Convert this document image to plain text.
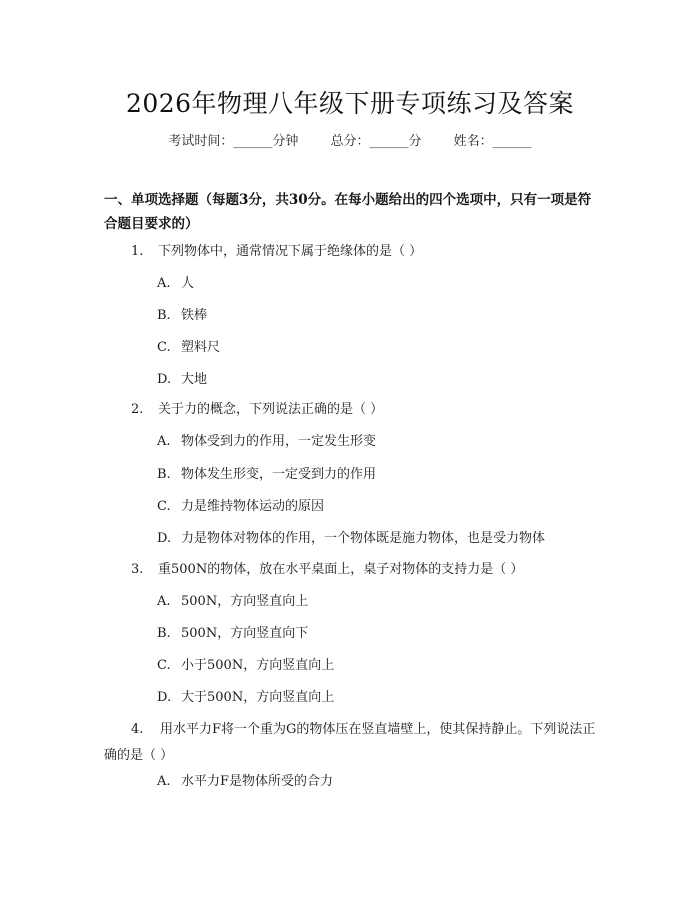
2026年物理八年级下册专项练习及答案
考试时间：______分钟 总分：______分 姓名：______
一、单项选择题（每题3分，共30分。在每小题给出的四个选项中，只有一项是符合题目要求的）
1. 下列物体中，通常情况下属于绝缘体的是（ ）
A. 人
B. 铁棒
C. 塑料尺
D. 大地
2. 关于力的概念，下列说法正确的是（ ）
A. 物体受到力的作用，一定发生形变
B. 物体发生形变，一定受到力的作用
C. 力是维持物体运动的原因
D. 力是物体对物体的作用，一个物体既是施力物体，也是受力物体
3. 重500N的物体，放在水平桌面上，桌子对物体的支持力是（ ）
A. 500N，方向竖直向上
B. 500N，方向竖直向下
C. 小于500N，方向竖直向上
D. 大于500N，方向竖直向上
4. 用水平力F将一个重为G的物体压在竖直墙壁上，使其保持静止。下列说法正确的是（ ）
A. 水平力F是物体所受的合力
